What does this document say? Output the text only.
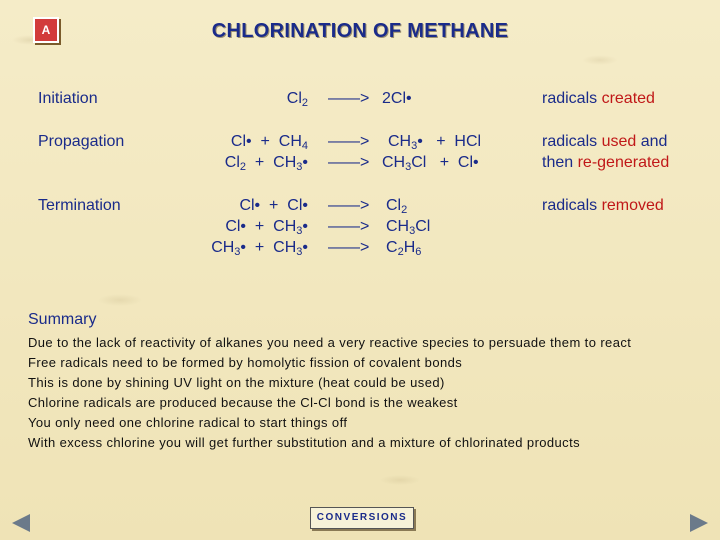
A	CHLORINATION OF METHANE
Initiation
Propagation
Termination
$Cl_2$ ——> 2Cl•
Cl• + $CH_4$ ——> $CH_3•$ + HCl
$Cl_2$ + $CH_3•$ ——> $CH_3Cl$ + Cl•
Cl• + Cl• ——> $Cl_2$
Cl• + $CH_3•$ ——> $CH_3Cl$
$CH_3•$ + $CH_3•$ ——> $C_2H_6$
radicals created
radicals used and
then re-generated
radicals removed
Summary
Due to the lack of reactivity of alkanes you need a very reactive species to persuade them to react
Free radicals need to be formed by homolytic fission of covalent bonds
This is done by shining UV light on the mixture (heat could be used)
Chlorine radicals are produced because the Cl-Cl bond is the weakest
You only need one chlorine radical to start things off
With excess chlorine you will get further substitution and a mixture of chlorinated products
CONVERSIONS
